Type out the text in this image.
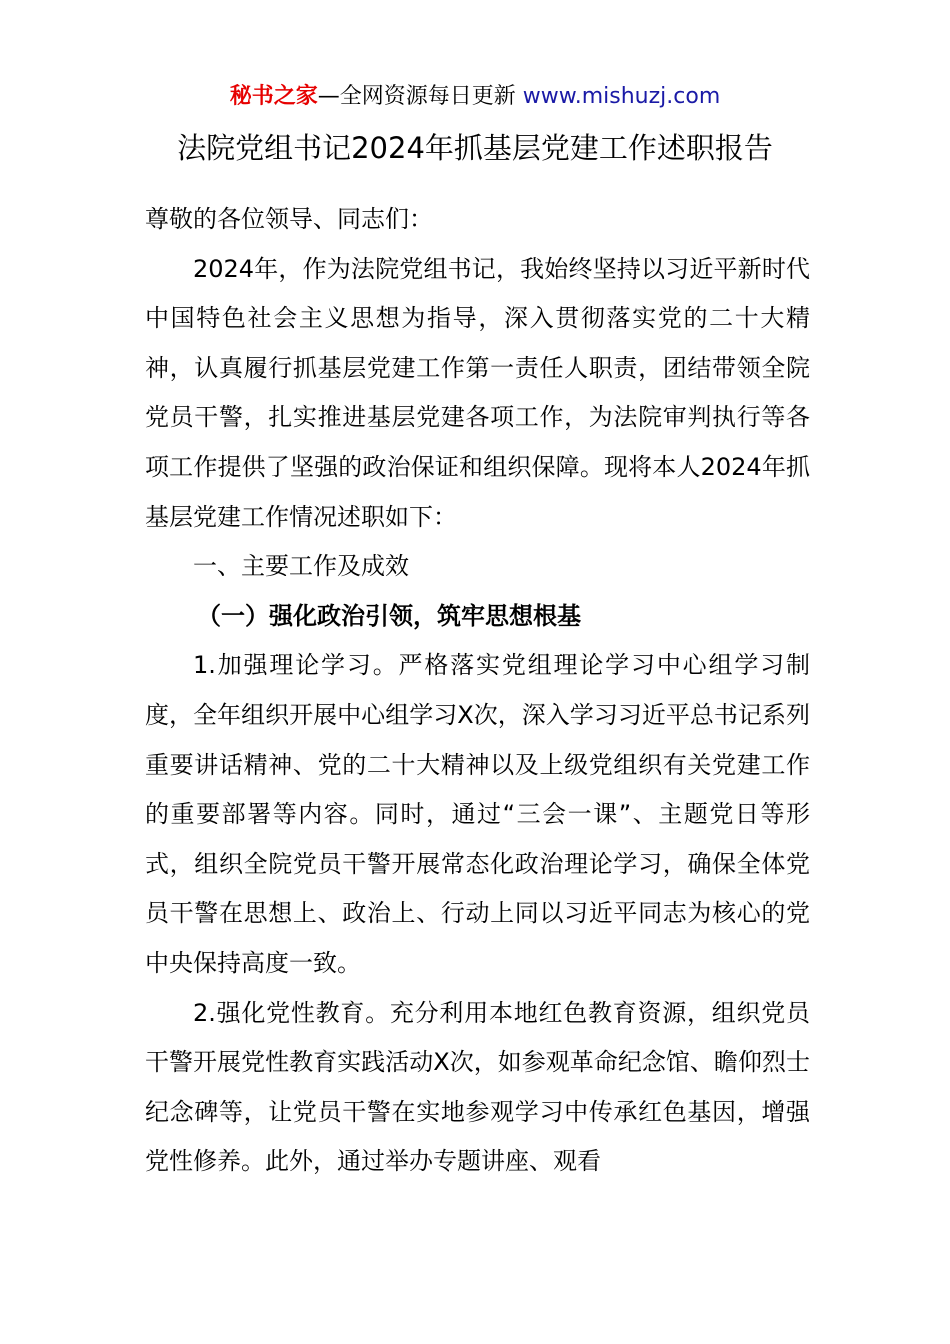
秘书之家—全网资源每日更新 www.mishuzj.com
法院党组书记2024年抓基层党建工作述职报告

尊敬的各位领导、同志们：

2024年，作为法院党组书记，我始终坚持以习近平新时代中国特色社会主义思想为指导，深入贯彻落实党的二十大精神，认真履行抓基层党建工作第一责任人职责，团结带领全院党员干警，扎实推进基层党建各项工作，为法院审判执行等各项工作提供了坚强的政治保证和组织保障。现将本人2024年抓基层党建工作情况述职如下：

一、主要工作及成效

（一）强化政治引领，筑牢思想根基

1.加强理论学习。严格落实党组理论学习中心组学习制度，全年组织开展中心组学习X次，深入学习习近平总书记系列重要讲话精神、党的二十大精神以及上级党组织有关党建工作的重要部署等内容。同时，通过“三会一课”、主题党日等形式，组织全院党员干警开展常态化政治理论学习，确保全体党员干警在思想上、政治上、行动上同以习近平同志为核心的党中央保持高度一致。

2.强化党性教育。充分利用本地红色教育资源，组织党员干警开展党性教育实践活动X次，如参观革命纪念馆、瞻仰烈士纪念碑等，让党员干警在实地参观学习中传承红色基因，增强党性修养。此外，通过举办专题讲座、观看
